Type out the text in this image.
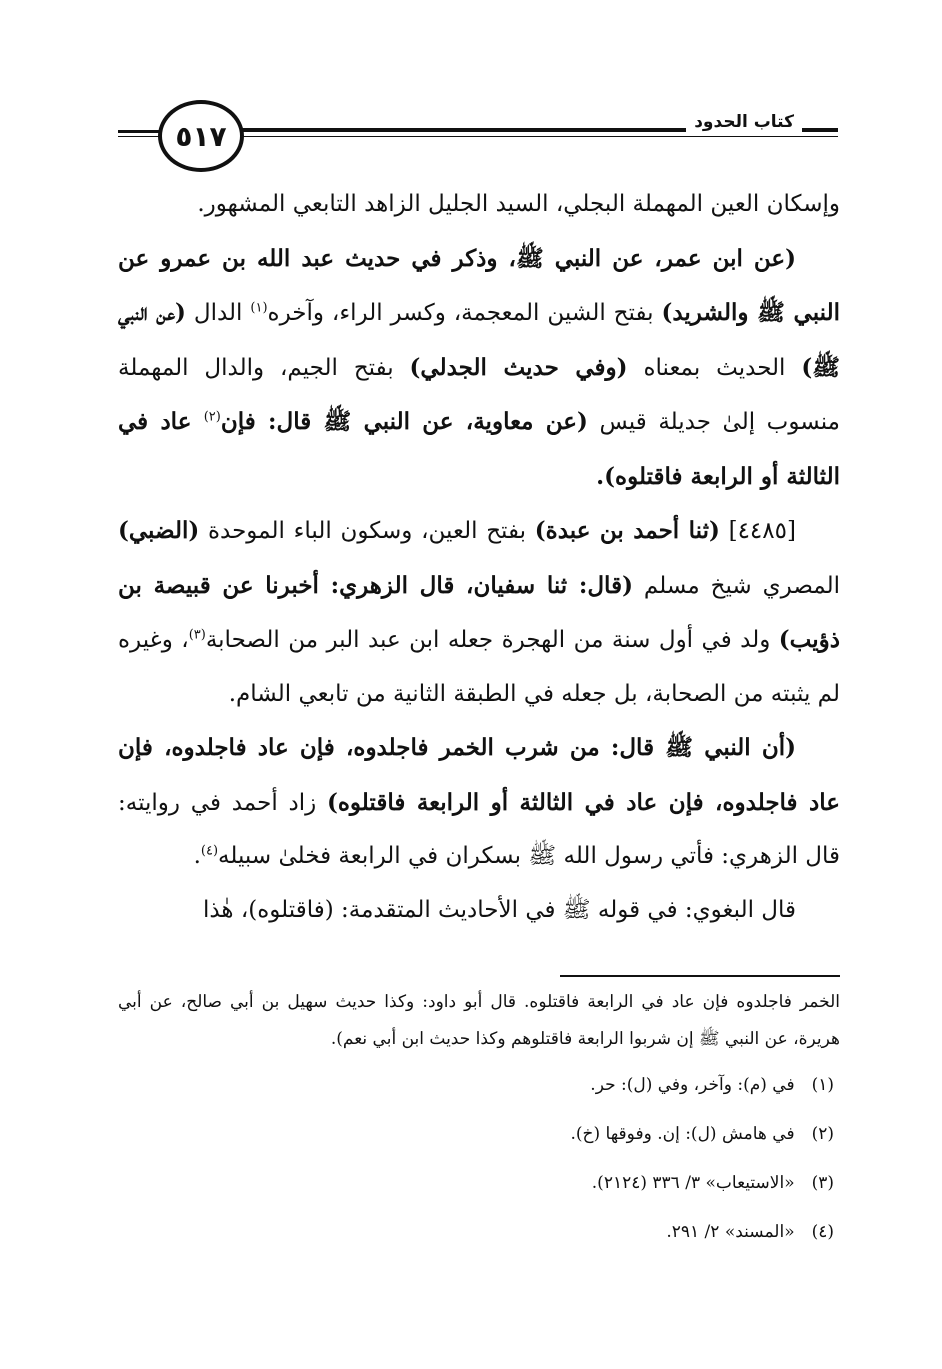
٥١٧	كتاب الحدود

وإسكان العين المهملة البجلي، السيد الجليل الزاهد التابعي المشهور.

(عن ابن عمر، عن النبي ﷺ، وذكر في حديث عبد الله بن عمرو عن النبي ﷺ والشريد) بفتح الشين المعجمة، وكسر الراء، وآخره$^{(١)}$ الدال (عن النبي ﷺ) الحديث بمعناه (وفي حديث الجدلي) بفتح الجيم، والدال المهملة منسوب إلىٰ جديلة قيس (عن معاوية، عن النبي ﷺ قال: فإن$^{(٢)}$ عاد في الثالثة أو الرابعة فاقتلوه).

[٤٤٨٥] (ثنا أحمد بن عبدة) بفتح العين، وسكون الباء الموحدة (الضبي) المصري شيخ مسلم (قال: ثنا سفيان، قال الزهري: أخبرنا عن قبيصة بن ذؤيب) ولد في أول سنة من الهجرة جعله ابن عبد البر من الصحابة$^{(٣)}$، وغيره لم يثبته من الصحابة، بل جعله في الطبقة الثانية من تابعي الشام.

(أن النبي ﷺ قال: من شرب الخمر فاجلدوه، فإن عاد فاجلدوه، فإن عاد فاجلدوه، فإن عاد في الثالثة أو الرابعة فاقتلوه) زاد أحمد في روايته: قال الزهري: فأتي رسول الله ﷺ بسكران في الرابعة فخلىٰ سبيله$^{(٤)}$.

قال البغوي: في قوله ﷺ في الأحاديث المتقدمة: (فاقتلوه)، هٰذا

الخمر فاجلدوه فإن عاد في الرابعة فاقتلوه. قال أبو داود: وكذا حديث سهيل بن أبي صالح، عن أبي هريرة، عن النبي ﷺ إن شربوا الرابعة فاقتلوهم وكذا حديث ابن أبي نعم).

(١) في (م): وآخر، وفي (ل): حر.

(٢) في هامش (ل): إن. وفوقها (خ).

(٣) «الاستيعاب» ٣/ ٣٣٦ (٢١٢٤).

(٤) «المسند» ٢/ ٢٩١.
